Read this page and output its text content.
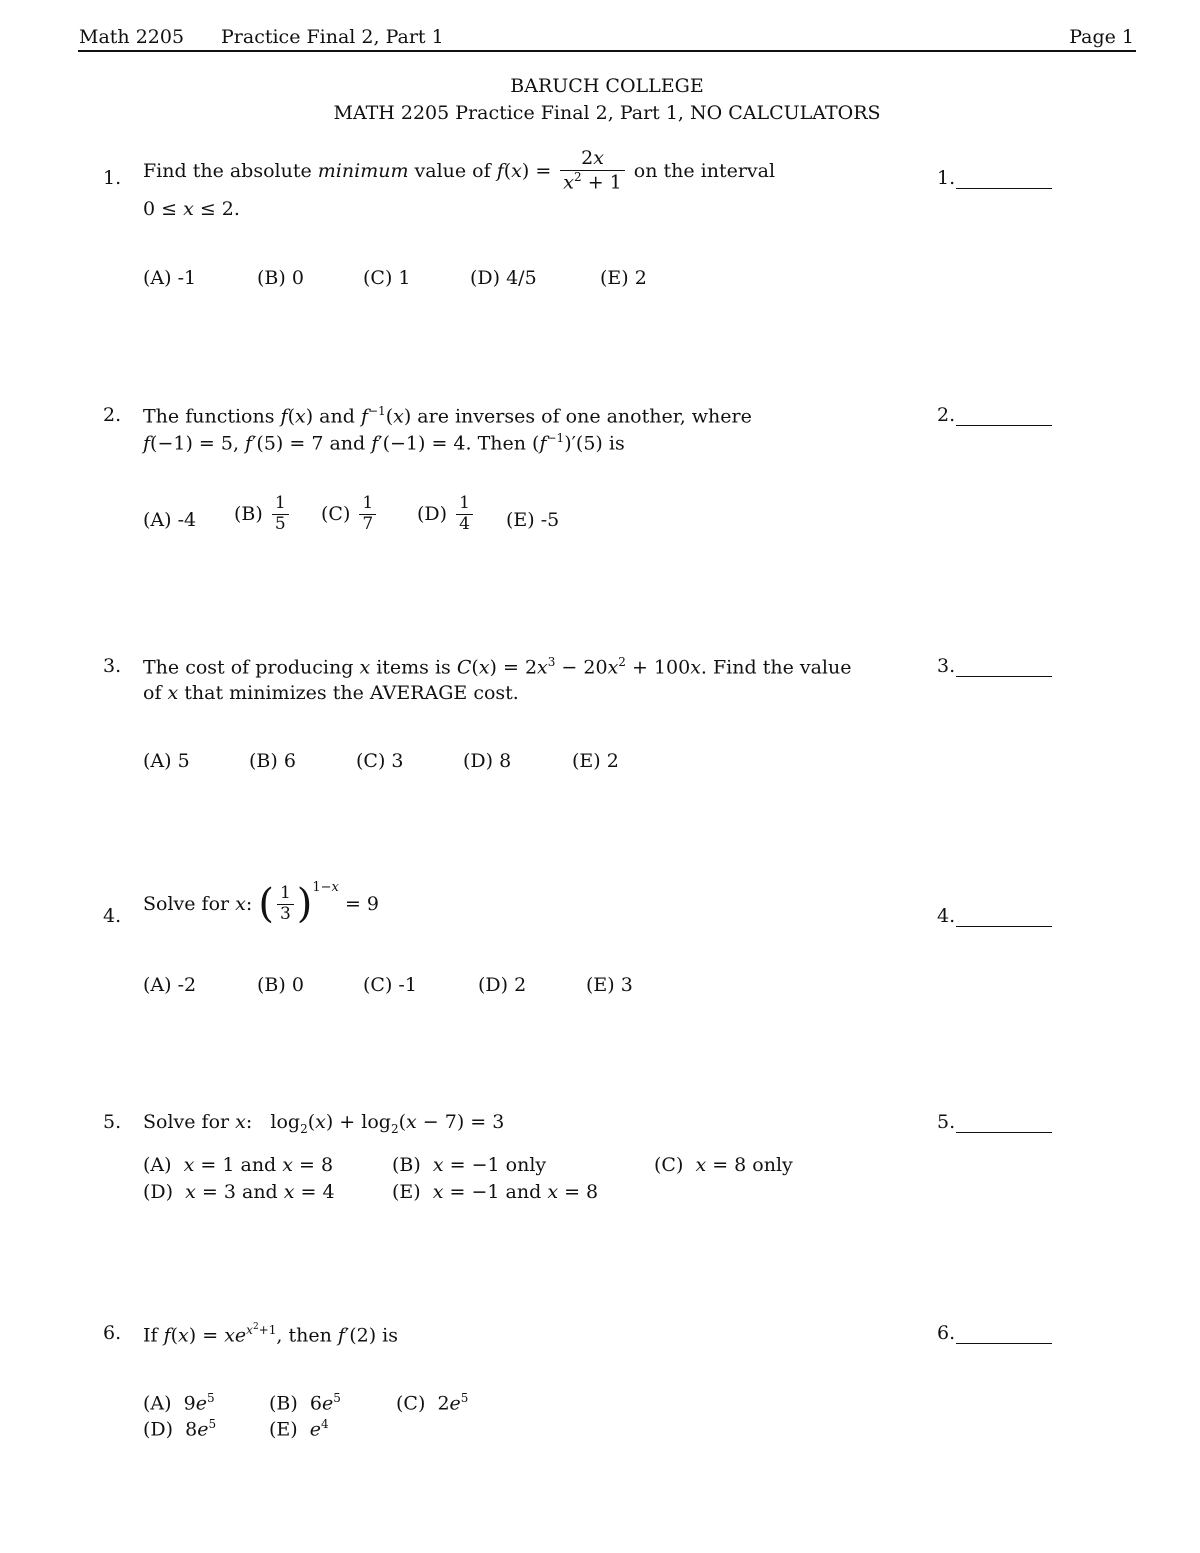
Math 2205 Practice Final 2, Part 1	Page 1
BARUCH COLLEGE
MATH 2205 Practice Final 2, Part 1, NO CALCULATORS
1. Find the absolute minimum value of $f(x) = \frac{2x}{x^2 + 1}$ on the interval
0 ≤ x ≤ 2.
1.
(A) -1	(B) 0	(C) 1	(D) 4/5	(E) 2
2. The functions f(x) and $f^{-1}(x)$ are inverses of one another, where
f(−1) = 5, f′(5) = 7 and f′(−1) = 4. Then $(f^{-1})'(5)$ is
2.
(A) -4 $(B) \frac{1}{5} (C) \frac{1}{7} (D) \frac{1}{4} (E)$ -5
3. The cost of producing x items is $C(x) = 2x^3 - 20x^2 + 100x$. Find the value
of x that minimizes the AVERAGE cost.
3.
(A) 5	(B) 6	(C) 3	(D) 8	(E) 2
4.
Solve for x: ( $\frac{1}{3} )^{1-x} = 9$
4.
(A) -2	(B) 0	(C) -1	(D) 2	(E) 3
5. Solve for x:   $\log_2(x) + \log_2(x - 7) = 3$	5.
(A)  x = 1 and x = 8	(B)  x = −1 only	(C)  x = 8 only
(D)  x = 3 and x = 4	(E)  x = −1 and x = 8
6. If $f(x) = xe^{x^2+1}$, then f′(2) is	6.
(A)  $9e^5$	(B)  $6e^5$	(C)  $2e^5$
(D)  $8e^5$	(E)  $e^4$
